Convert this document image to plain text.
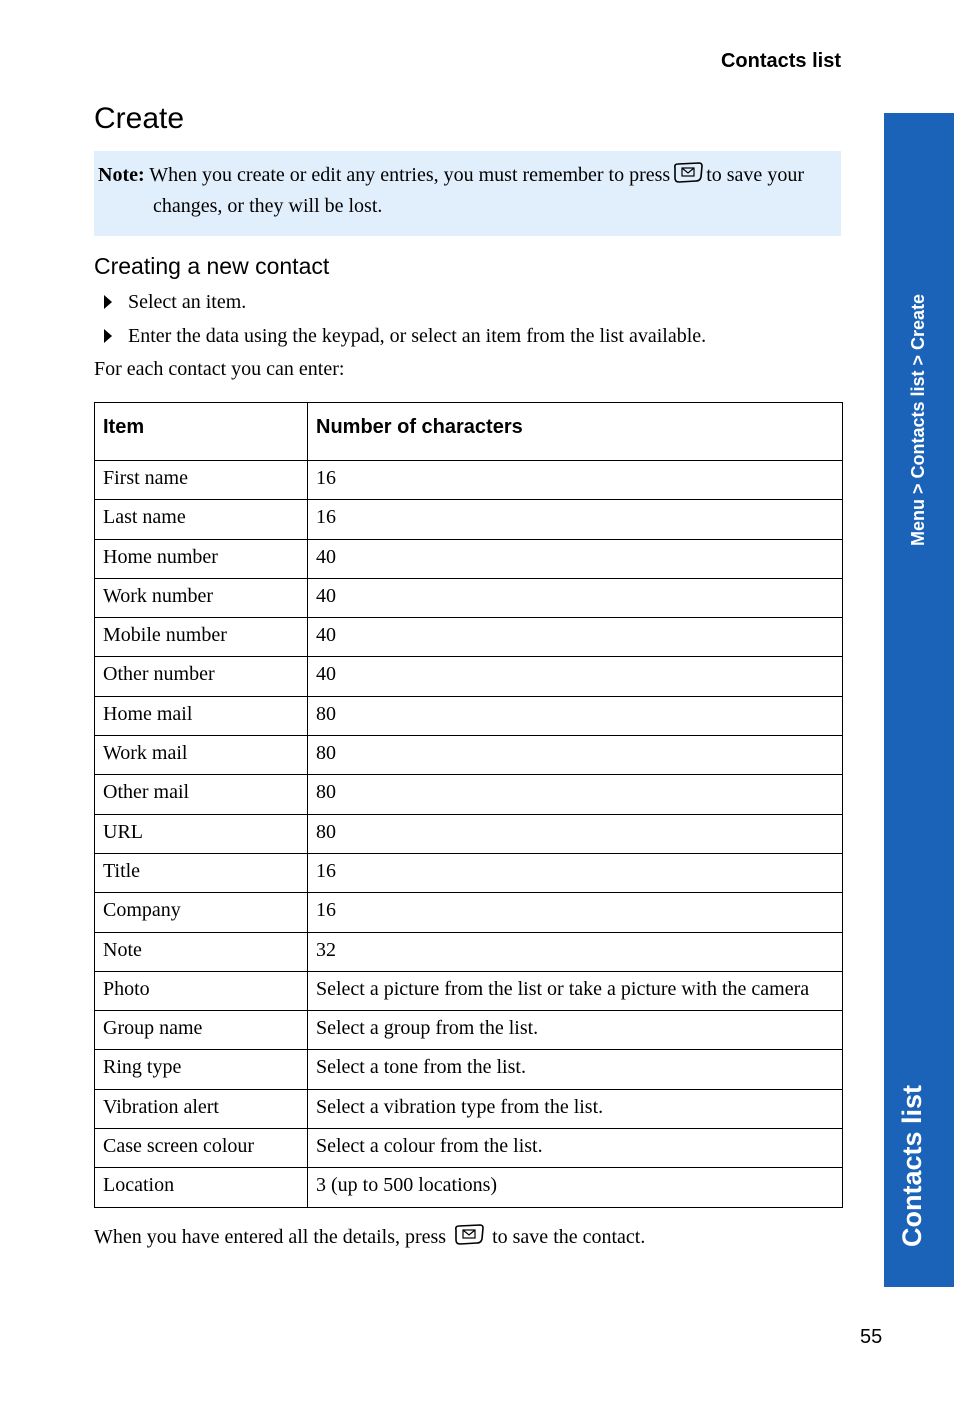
Contacts list
Create
Note: When you create or edit any entries, you must remember to press to save your
changes, or they will be lost.
Creating a new contact
Select an item.
Enter the data using the keypad, or select an item from the list available.
For each contact you can enter:
Item	Number of characters
First name	16
Last name	16
Home number	40
Work number	40
Mobile number	40
Other number	40
Home mail	80
Work mail	80
Other mail	80
URL	80
Title	16
Company	16
Note	32
Photo	Select a picture from the list or take a picture with the camera
Group name	Select a group from the list.
Ring type	Select a tone from the list.
Vibration alert	Select a vibration type from the list.
Case screen colour	Select a colour from the list.
Location	3 (up to 500 locations)
When you have entered all the details, press to save the contact.
Menu > Contacts list > Create
Contacts list
55
